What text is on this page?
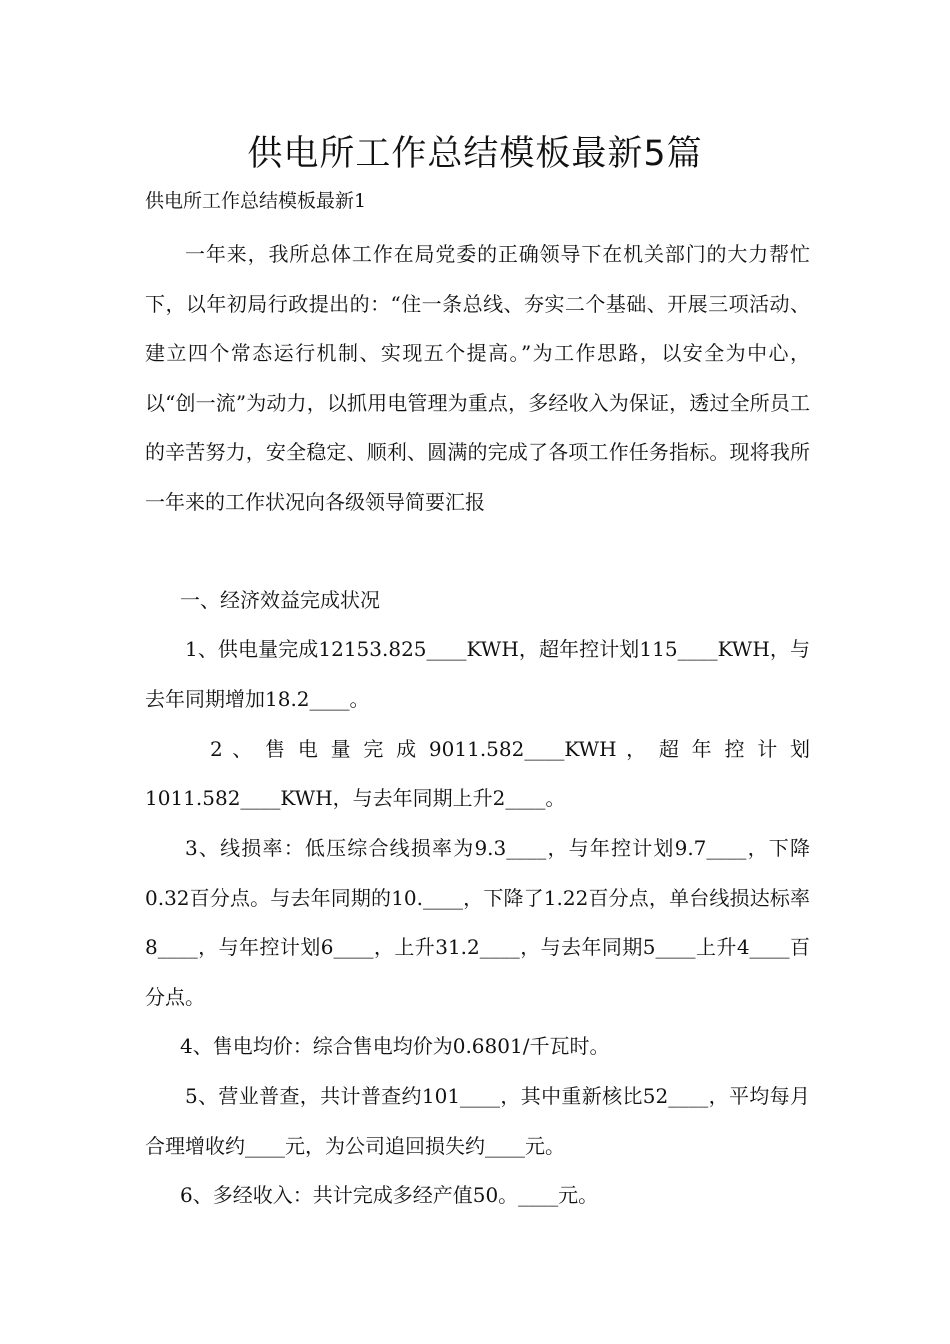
供电所工作总结模板最新5篇
供电所工作总结模板最新1
一年来，我所总体工作在局党委的正确领导下在机关部门的大力帮忙下，以年初局行政提出的：“住一条总线、夯实二个基础、开展三项活动、建立四个常态运行机制、实现五个提高。”为工作思路，以安全为中心，以“创一流”为动力，以抓用电管理为重点，多经收入为保证，透过全所员工的辛苦努力，安全稳定、顺利、圆满的完成了各项工作任务指标。现将我所一年来的工作状况向各级领导简要汇报
一、经济效益完成状况
1、供电量完成12153.825____KWH，超年控计划115____KWH，与去年同期增加18.2____。
2 、 售 电 量 完 成 9011.582____KWH ， 超 年 控 计 划
1011.582____KWH，与去年同期上升2____。
3、线损率：低压综合线损率为9.3____，与年控计划9.7____，下降0.32百分点。与去年同期的10.____，下降了1.22百分点，单台线损达标率8____，与年控计划6____，上升31.2____，与去年同期5____上升4____百分点。
4、售电均价：综合售电均价为0.6801/千瓦时。
5、营业普查，共计普查约101____，其中重新核比52____，平均每月合理增收约____元，为公司追回损失约____元。
6、多经收入：共计完成多经产值50。____元。
